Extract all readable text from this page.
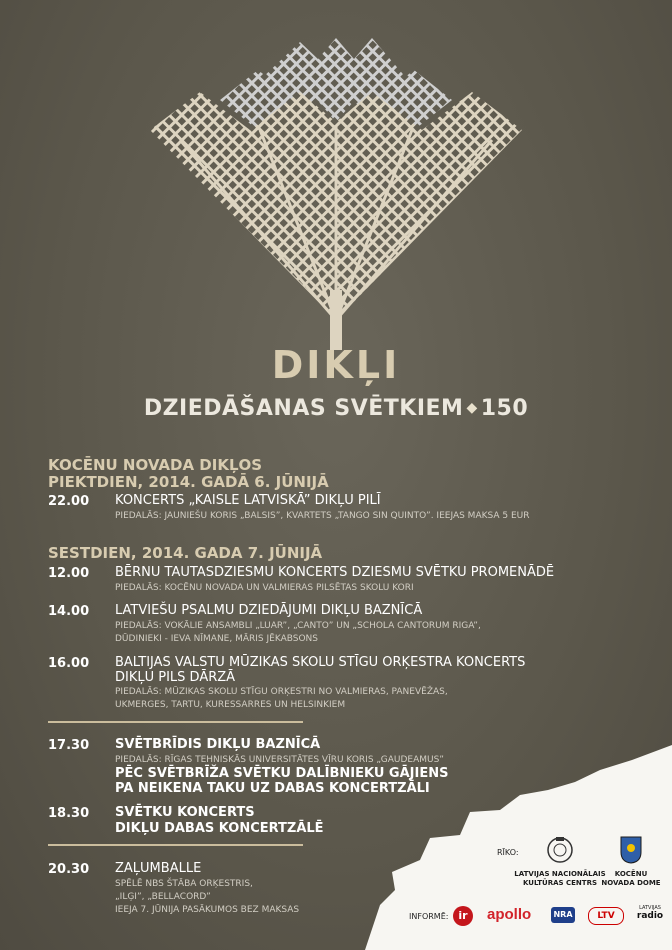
DIKĻI
DZIEDĀŠANAS SVĒTKIEM ◆ 150
KOCĒNU NOVADA DIKĻOS
PIEKTDIEN, 2014. GADĀ 6. JŪNIJĀ
22.00 KONCERTS „KAISLE LATVISKĀ” DIKĻU PILĪ
PIEDALĀS: JAUNIEŠU KORIS „BALSIS”, KVARTETS „TANGO SIN QUINTO”. IEEJAS MAKSA 5 EUR
SESTDIEN, 2014. GADA 7. JŪNIJĀ
12.00 BĒRNU TAUTASDZIESMU KONCERTS DZIESMU SVĒTKU PROMENĀDĒ
PIEDALĀS: KOCĒNU NOVADA UN VALMIERAS PILSĒTAS SKOLU KORI
14.00 LATVIEŠU PSALMU DZIEDĀJUMI DIKĻU BAZNĪCĀ
PIEDALĀS: VOKĀLIE ANSAMBLI „LUAR”, „CANTO” UN „SCHOLA CANTORUM RIGA”,
DŪDINIEKI - IEVA NĪMANE, MĀRIS JĒKABSONS
16.00 BALTIJAS VALSTU MŪZIKAS SKOLU STĪGU ORĶESTRA KONCERTS
DIKĻU PILS DĀRZĀ
PIEDALĀS: MŪZIKAS SKOLU STĪGU ORĶESTRI NO VALMIERAS, PANEVĒŽAS,
UKMERGES, TARTU, KURESSARRES UN HELSINKIEM
17.30 SVĒTBRĪDIS DIKĻU BAZNĪCĀ
PIEDALĀS: RĪGAS TEHNISKĀS UNIVERSITĀTES VĪRU KORIS „GAUDEAMUS”
PĒC SVĒTBRĪŽA SVĒTKU DALĪBNIEKU GĀJIENS
PA NEIKENA TAKU UZ DABAS KONCERTZĀLI
18.30 SVĒTKU KONCERTS
DIKĻU DABAS KONCERTZĀLĒ
20.30 ZAĻUMBALLE
SPĒLĒ NBS ŠTĀBA ORĶESTRIS,
„ILĢI”, „BELLACORD”
IEEJA 7. JŪNIJA PASĀKUMOS BEZ MAKSAS
RĪKO:
LATVIJAS NACIONĀLAIS KULTŪRAS CENTRS
KOCĒNU NOVADA DOME
INFORMĒ: ir	apollo	NRA	LTV
LATVIJAS
radio
